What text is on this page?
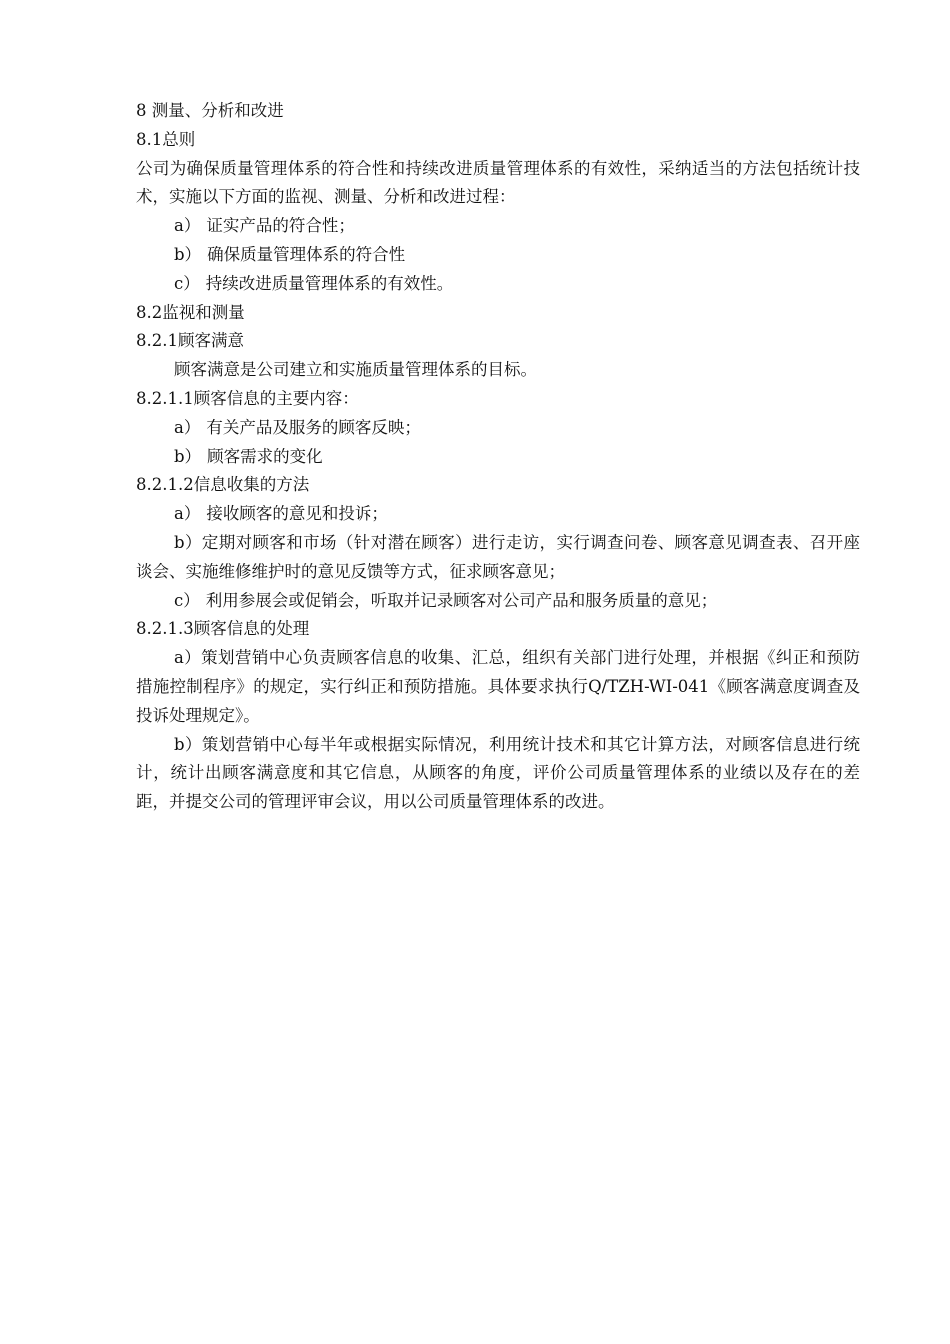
8 测量、分析和改进
8.1总则
公司为确保质量管理体系的符合性和持续改进质量管理体系的有效性，采纳适当的方法包括统计技术，实施以下方面的监视、测量、分析和改进过程：
a） 证实产品的符合性；
b） 确保质量管理体系的符合性
c） 持续改进质量管理体系的有效性。
8.2监视和测量
8.2.1顾客满意
顾客满意是公司建立和实施质量管理体系的目标。
8.2.1.1顾客信息的主要内容：
a） 有关产品及服务的顾客反映；
b） 顾客需求的变化
8.2.1.2信息收集的方法
a） 接收顾客的意见和投诉；
b）定期对顾客和市场（针对潜在顾客）进行走访，实行调查问卷、顾客意见调查表、召开座谈会、实施维修维护时的意见反馈等方式，征求顾客意见；
c） 利用参展会或促销会，听取并记录顾客对公司产品和服务质量的意见；
8.2.1.3顾客信息的处理
a）策划营销中心负责顾客信息的收集、汇总，组织有关部门进行处理，并根据《纠正和预防措施控制程序》的规定，实行纠正和预防措施。具体要求执行Q/TZH-WI-041《顾客满意度调查及投诉处理规定》。
b）策划营销中心每半年或根据实际情况，利用统计技术和其它计算方法，对顾客信息进行统计，统计出顾客满意度和其它信息，从顾客的角度，评价公司质量管理体系的业绩以及存在的差距，并提交公司的管理评审会议，用以公司质量管理体系的改进。
